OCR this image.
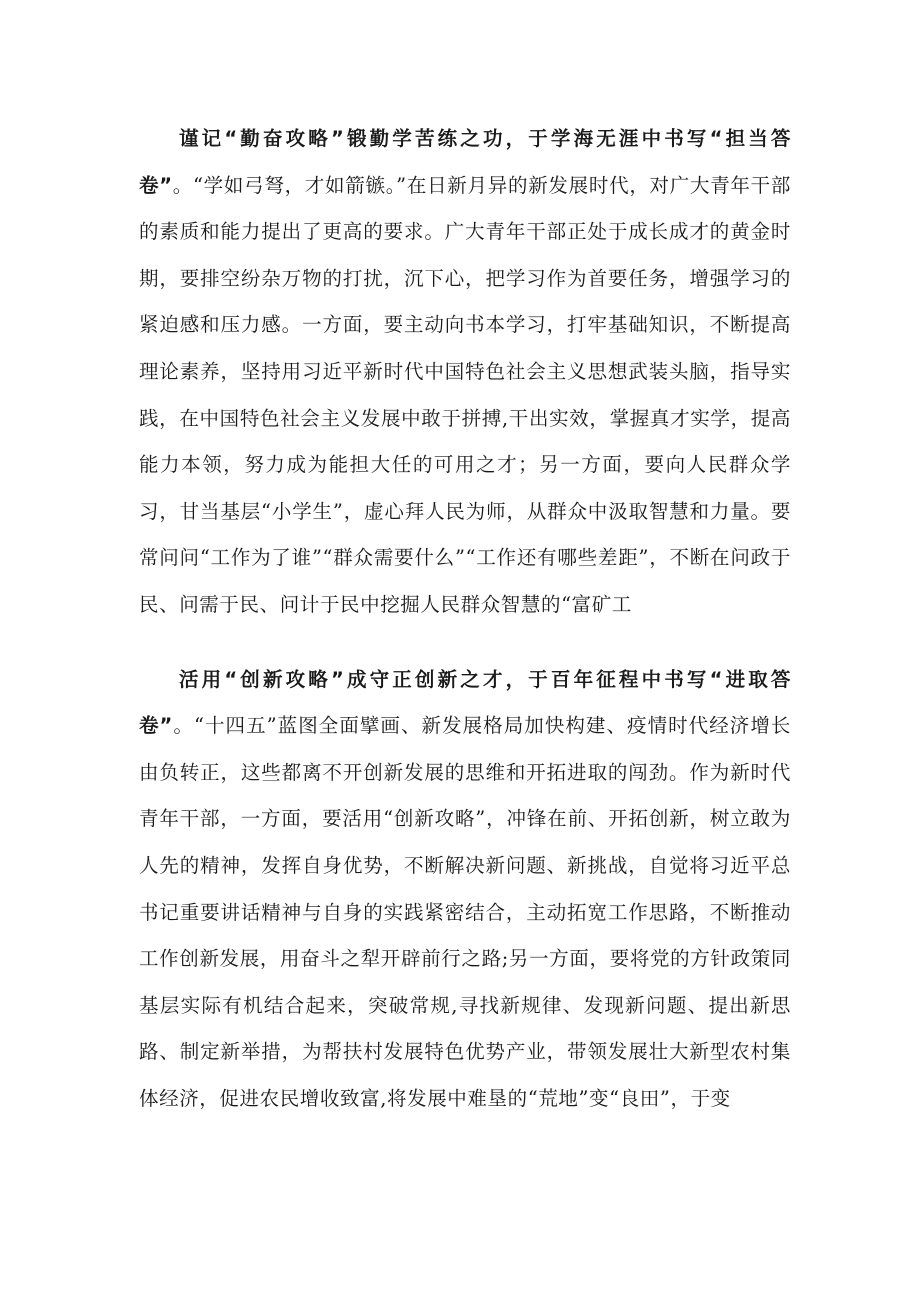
谨记“勤奋攻略”锻勤学苦练之功，于学海无涯中书写“担当答卷”。“学如弓弩，才如箭镞。”在日新月异的新发展时代，对广大青年干部的素质和能力提出了更高的要求。广大青年干部正处于成长成才的黄金时期，要排空纷杂万物的打扰，沉下心，把学习作为首要任务，增强学习的紧迫感和压力感。一方面，要主动向书本学习，打牢基础知识，不断提高理论素养，坚持用习近平新时代中国特色社会主义思想武装头脑，指导实践，在中国特色社会主义发展中敢于拼搏,干出实效，掌握真才实学，提高能力本领，努力成为能担大任的可用之才；另一方面，要向人民群众学习，甘当基层“小学生”，虚心拜人民为师，从群众中汲取智慧和力量。要常问问“工作为了谁”“群众需要什么”“工作还有哪些差距”，不断在问政于民、问需于民、问计于民中挖掘人民群众智慧的“富矿工

活用“创新攻略”成守正创新之才，于百年征程中书写“进取答卷”。“十四五”蓝图全面擘画、新发展格局加快构建、疫情时代经济增长由负转正，这些都离不开创新发展的思维和开拓进取的闯劲。作为新时代青年干部，一方面，要活用“创新攻略”，冲锋在前、开拓创新，树立敢为人先的精神，发挥自身优势，不断解决新问题、新挑战，自觉将习近平总书记重要讲话精神与自身的实践紧密结合，主动拓宽工作思路，不断推动工作创新发展，用奋斗之犁开辟前行之路;另一方面，要将党的方针政策同基层实际有机结合起来，突破常规,寻找新规律、发现新问题、提出新思路、制定新举措，为帮扶村发展特色优势产业，带领发展壮大新型农村集体经济，促进农民增收致富,将发展中难垦的“荒地”变“良田”，于变
